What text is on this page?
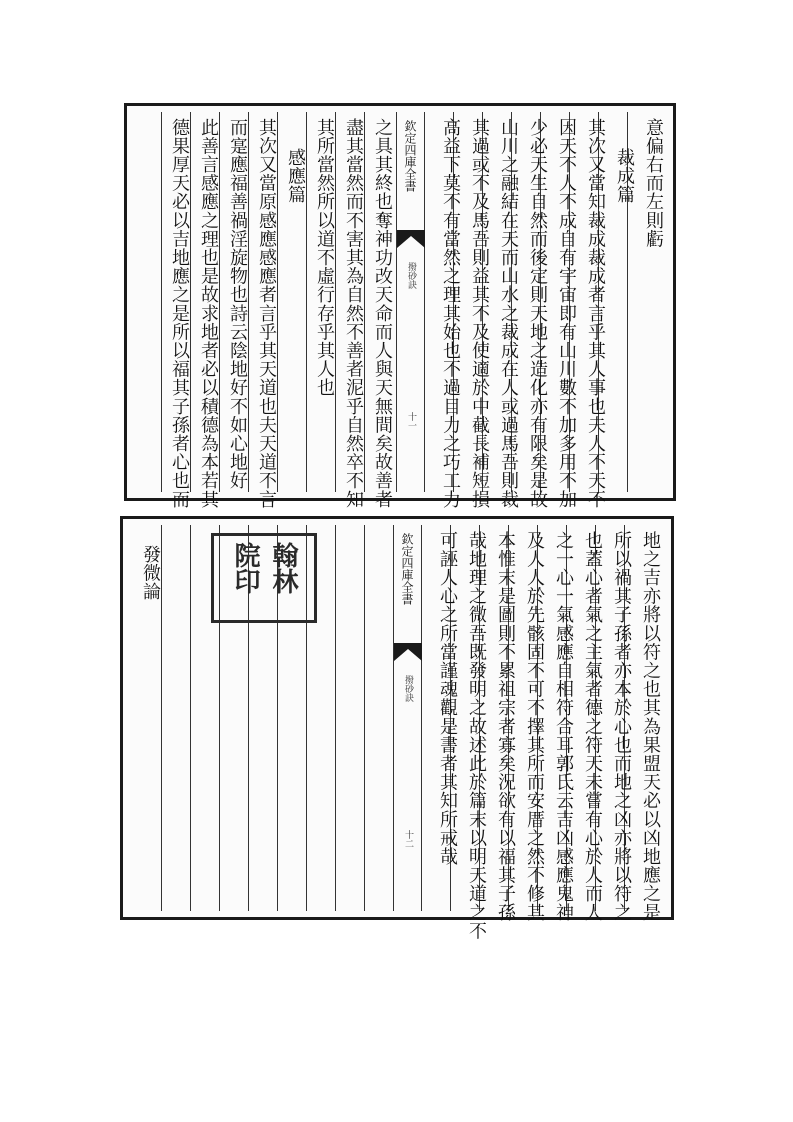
意偏右而左則虧
裁成篇
其次又當知裁成裁成者言乎其人事也夫人不天不
因天不人不成自有宇宙即有山川數不加多用不加
少必天生自然而後定則天地之造化亦有限矣是故
山川之融結在天而山水之裁成在人或過馬吾則裁
其過或不及馬吾則益其不及使適於中截長補短損
高益下莫不有當然之理其始也不過目力之巧工力
欽定四庫全書
撥砂訣
十一
之具其終也奪神功改天命而人與天無間矣故善者
盡其當然而不害其為自然不善者泥乎自然卒不知
其所當然所以道不虛行存乎其人也
感應篇
其次又當原感應感應者言乎其天道也夫天道不言
而寔應福善禍淫旋物也詩云陰地好不如心地好
此善言感應之理也是故求地者必以積德為本若其
德果厚天必以吉地應之是所以福其子孫者心也而
地之吉亦將以符之也其為果盟天必以凶地應之是
所以禍其子孫者亦本於心也而地之凶亦將以符之
也蓋心者氣之主氣者德之符天未嘗有心於人而人
之一心一氣感應自相符合耳郭氏云吉凶感應鬼神
及人人於先骸固不可不擇其所而安厝之然不修其
本惟末是圖則不累祖宗者寡矣況欲有以福其子孫
哉地理之微吾既發明之故述此於篇末以明天道之不
可誣人心之所當謹魂觀是書者其知所戒哉
欽定四庫全書
撥砂訣
十二
翰林
院印
發微論
